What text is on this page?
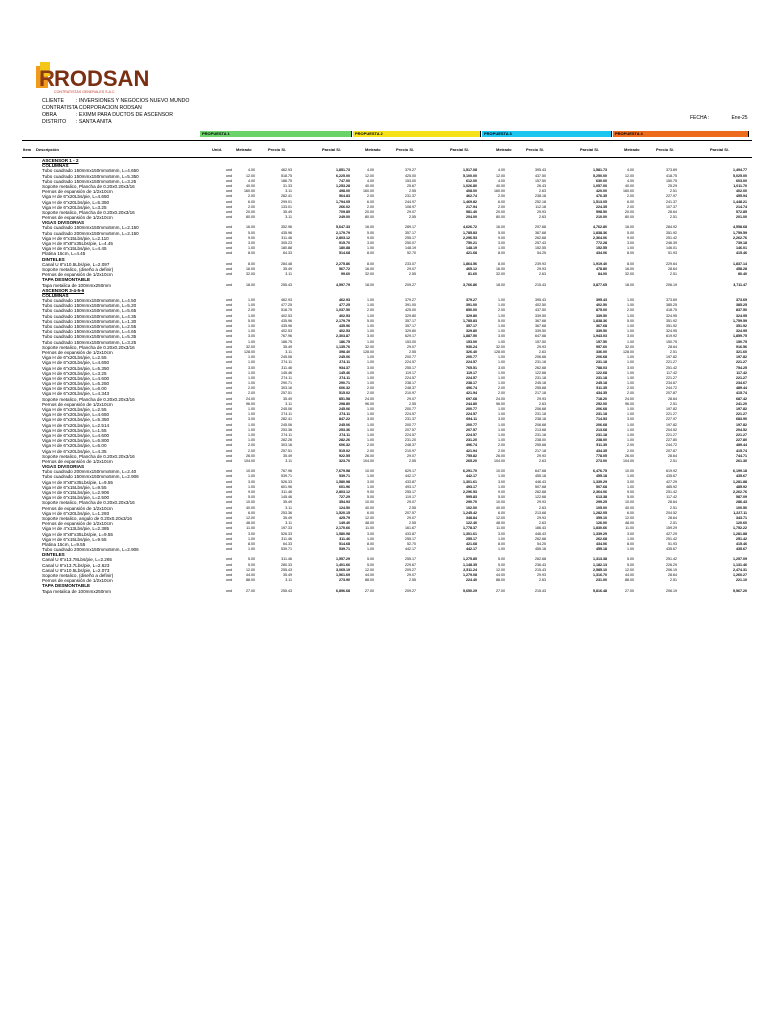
R RODSAN
CONTRATISTAS GENERALES S.A.C
CLIENTE : INVERSIONES Y NEGOCIOS NUEVO MUNDO
CONTRATISTA: CORPORACION RODSAN
OBRA	: EXIMM PARA DUCTOS DE ASCENSOR
DISTRITO : SANTA ANITA
FECHA :	Ene-25
PROPUESTA 1	PROPUESTA 2	PROPUESTA 3	PROPUESTA 4
Item Descripción	Unid.	Metrado	Precio S/.	Parcial S/.	Metrado	Precio S/.	Parcial S/.	Metrado	Precio S/.	Parcial S/.	Metrado	Precio S/.	Parcial S/.
ASCENSOR 1 - 2
COLUMNAS
Tubo cuadrado 150mmx150mmx5mm, L=4.650	und	4.00	462.93	1,851.73	4.00	379.27	1,517.08	4.00	395.43	1,581.73	4.00	373.69	1,494.77
Tubo cuadrado 150mmx150mmx5mm, L=5.350	und	12.00	518.75	6,225.00	12.00	425.00	5,100.00	12.00	437.50	5,250.00	12.00	418.75	5,025.00
Tubo cuadrado 150mmx150mmx5mm, L=3.25	und	4.00	186.75	747.00	4.00	153.00	612.00	4.00	157.50	630.00	4.00	150.75	603.00
Soporte metalico, Plancha de 0.20x0.20x3/16	und	40.00	31.33	1,253.28	40.00	25.67	1,026.80	40.00	26.43	1,057.00	40.00	25.29	1,011.70
Pernos de expansión de 1/2x10cm	und	160.00	3.11	498.00	160.00	2.55	408.00	160.00	2.63	420.00	160.00	2.51	402.00
Viga H de 6"x20Lbs/pie, L=4.650	und	2.00	282.41	564.83	2.00	231.37	462.74	2.00	238.18	476.35	2.00	227.97	455.94
Viga H de 6"x20Lbs/pie, L=5.350	und	6.00	299.01	1,794.05	6.00	244.97	1,469.82	6.00	252.18	1,513.05	6.00	241.37	1,448.21
Viga H de 6"x20Lbs/pie, L=3.25	und	2.00	133.01	266.02	2.00	108.97	217.94	2.00	112.18	224.35	2.00	107.37	214.74
Soporte metalico, Plancha de 0.20x0.20x3/16	und	20.00	35.49	709.85	20.00	29.07	581.40	20.00	29.93	598.50	20.00	28.64	572.85
Pernos de expansión de 1/2x10cm	und	80.00	3.11	249.00	80.00	2.55	204.00	80.00	2.63	210.00	80.00	2.51	201.00
VIGAS DIVISORIAS
Tubo cuadrado 150mmx150mmx5mm, L=2.150	und	16.00	352.96	5,647.33	16.00	289.17	4,626.72	16.00	297.68	4,762.80	16.00	284.92	4,558.68
Tubo cuadrado 200mmx150mmx5mm, L=2.150	und	5.00	435.96	2,179.79	5.00	357.17	1,785.83	5.00	367.68	1,838.36	5.00	351.92	1,759.59
Viga H de 6"x15Lbs/pie, L=2.110	und	9.00	311.46	2,803.12	9.00	255.17	2,296.53	9.00	262.68	2,364.06	9.00	251.42	2,262.76
Viga H de 8"x8"x35Lbs/pie, L=4.45	und	3.00	305.23	915.70	3.00	250.07	750.21	3.00	257.43	772.28	3.00	246.39	739.18
Viga H de 6"x15Lbs/pie, L=4.45	und	1.00	180.88	180.88	1.00	148.19	148.19	1.00	152.55	152.55	1.00	146.01	146.01
Platina 15cm, L=4.45	und	8.00	64.33	514.68	8.00	52.70	421.68	8.00	54.25	434.06	8.00	51.93	415.46
DINTELES
Canal U 6"x10.5Lbs/pie, L=2.097	und	8.00	284.48	2,275.86	8.00	233.07	1,864.56	8.00	239.93	1,919.40	8.00	229.64	1,837.14
Soporte metalico, (diseño a definir)	und	16.00	35.49	567.72	16.00	29.07	465.12	16.00	29.93	478.80	16.00	28.64	458.28
Pernos de expansión de 1/2x10cm	und	32.00	3.11	99.60	32.00	2.55	81.60	32.00	2.63	84.00	32.00	2.51	80.40
TAPA DESMONTABLE
Tapa metalica de 100mmx250mm	und	18.00	255.43	4,597.79	18.00	209.27	3,766.86	18.00	215.43	3,877.65	18.00	206.19	3,711.47
ASCENSOR 3-4-5-6
COLUMNAS
Tubo cuadrado 150mmx150mmx5mm, L=4.50	und	1.00	462.93	462.93	1.00	379.27	379.27	1.00	395.43	395.43	1.00	373.69	373.69
Tubo cuadrado 150mmx150mmx5mm, L=5.20	und	1.00	477.25	477.25	1.00	391.00	391.00	1.00	402.50	402.50	1.00	385.25	385.25
Tubo cuadrado 150mmx150mmx5mm, L=5.65	und	2.00	518.75	1,037.50	2.00	425.00	850.00	2.00	437.50	875.00	2.00	418.75	837.50
Tubo cuadrado 150mmx150mmx5mm, L=4.35	und	1.00	402.53	402.53	1.00	329.80	329.80	1.00	339.50	339.50	1.00	324.95	324.95
Tubo cuadrado 150mmx150mmx5mm, L=1.30	und	5.00	435.96	2,179.79	5.00	357.17	1,785.83	5.00	367.68	1,838.36	5.00	351.92	1,759.59
Tubo cuadrado 150mmx150mmx5mm, L=2.55	und	1.00	435.96	435.96	1.00	357.17	357.17	1.00	367.68	367.68	1.00	351.92	351.92
Tubo cuadrado 150mmx150mmx5mm, L=4.65	und	1.00	402.53	402.53	1.00	329.80	329.80	1.00	339.50	339.50	1.00	324.95	324.95
Tubo cuadrado 150mmx150mmx5mm, L=5.35	und	3.00	767.96	2,303.87	3.00	629.17	1,887.50	3.00	647.68	1,943.03	3.00	619.92	1,859.75
Tubo cuadrado 150mmx150mmx5mm, L=3.25	und	1.00	186.75	186.75	1.00	153.00	153.00	1.00	157.50	157.50	1.00	150.75	150.75
Soporte metalico, Plancha de 0.20x0.20x3/16	und	32.00	35.49	1,135.76	32.00	29.07	930.24	32.00	29.93	957.60	32.00	28.64	916.56
Pernos de expansión de 1/2x10cm	und	128.00	3.11	398.40	128.00	2.55	326.40	128.00	2.63	336.00	128.00	2.51	321.60
Viga H de 6"x20Lbs/pie, L=2.55	und	1.00	245.06	245.06	1.00	200.77	200.77	1.00	206.68	206.68	1.00	197.82	197.82
Viga H de 6"x20Lbs/pie, L=4.650	und	1.00	274.11	274.11	1.00	224.57	224.57	1.00	231.18	231.18	1.00	221.27	221.27
Viga H de 6"x20Lbs/pie, L=5.350	und	3.00	311.46	934.37	3.00	255.17	765.51	3.00	262.68	788.03	3.00	251.42	754.25
Viga H de 6"x20Lbs/pie, L=3.25	und	1.00	145.46	145.46	1.00	119.17	119.17	1.00	122.68	122.68	1.00	117.42	117.42
Viga H de 6"x20Lbs/pie, L=4.600	und	1.00	274.11	274.11	1.00	224.57	224.57	1.00	231.18	231.18	1.00	221.27	221.27
Viga H de 6"x20Lbs/pie, L=5.250	und	1.00	290.71	290.71	1.00	238.17	238.17	1.00	245.18	245.18	1.00	234.67	234.67
Viga H de 6"x20Lbs/pie, L=6.00	und	2.00	303.16	606.32	2.00	248.37	496.74	2.00	255.68	511.35	2.00	244.72	489.44
Viga H de 6"x20Lbs/pie, L=4.343	und	2.00	257.51	515.02	2.00	210.97	421.94	2.00	217.18	434.35	2.00	207.87	415.74
Soporte metalico, Plancha de 0.20x0.20x3/16	und	24.00	35.49	851.58	24.00	29.07	697.68	24.00	29.93	718.20	24.00	28.64	687.42
Pernos de expansión de 1/2x10cm	und	96.00	3.11	298.80	96.00	2.55	244.80	96.00	2.63	252.00	96.00	2.51	241.20
Viga H de 6"x20Lbs/pie, L=2.55	und	1.00	245.06	245.06	1.00	200.77	200.77	1.00	206.68	206.68	1.00	197.82	197.82
Viga H de 6"x20Lbs/pie, L=4.650	und	1.00	274.11	274.11	1.00	224.57	224.57	1.00	231.18	231.18	1.00	221.27	221.27
Viga H de 6"x20Lbs/pie, L=5.350	und	3.00	282.41	847.22	3.00	231.37	694.11	3.00	238.18	714.53	3.00	227.97	683.90
Viga H de 6"x20Lbs/pie, L=2.514	und	1.00	245.06	245.06	1.00	200.77	200.77	1.00	206.68	206.68	1.00	197.82	197.82
Viga H de 6"x20Lbs/pie, L=1.55	und	1.00	253.36	253.36	1.00	207.57	207.57	1.00	213.68	213.68	1.00	204.52	204.52
Viga H de 6"x20Lbs/pie, L=4.600	und	1.00	274.11	274.11	1.00	224.57	224.57	1.00	231.18	231.18	1.00	221.27	221.27
Viga H de 6"x20Lbs/pie, L=5.800	und	1.00	282.26	282.26	1.00	231.20	231.20	1.00	238.00	238.00	1.00	227.80	227.80
Viga H de 6"x20Lbs/pie, L=6.00	und	2.00	303.16	606.32	2.00	248.37	496.74	2.00	255.68	511.35	2.00	244.72	489.44
Viga H de 6"x20Lbs/pie, L=4.35	und	2.00	257.51	515.02	2.00	210.97	421.94	2.00	217.18	434.35	2.00	207.87	415.74
Soporte metalico, Plancha de 0.20x0.20x3/16	und	26.00	35.49	922.55	26.00	29.07	755.82	26.00	29.93	778.05	26.00	28.64	744.71
Pernos de expansión de 1/2x10cm	und	104.00	3.11	323.70	104.00	2.55	265.20	104.00	2.63	273.00	104.00	2.51	261.30
VIGAS DIVISORIAS
Tubo cuadrado 200mmx150mmx5mm, L=2.40	und	10.00	767.96	7,679.58	10.00	629.17	6,291.70	10.00	647.68	6,476.75	10.00	619.92	6,199.18
Tubo cuadrado 150mmx150mmx5mm, L=2.906	und	1.00	539.71	539.71	1.00	442.17	442.17	1.00	455.18	455.18	1.00	435.67	435.67
Viga H de 8"x8"x35Lbs/pie, L=9.55	und	3.00	526.33	1,580.98	3.00	433.87	1,301.61	3.00	446.43	1,339.29	3.00	427.29	1,281.88
Viga H de 6"x15Lbs/pie, L=9.55	und	1.00	601.96	601.96	1.00	493.17	493.17	1.00	507.68	507.68	1.00	485.92	485.92
Viga H de 6"x15Lbs/pie, L=2.906	und	9.00	311.46	2,803.12	9.00	255.17	2,296.53	9.00	262.68	2,364.06	9.00	251.42	2,262.76
Viga H de 6"x15Lbs/pie, L=2.500	und	5.00	145.46	727.29	5.00	119.17	595.83	5.00	122.68	613.38	5.00	117.42	587.09
Soporte metalico, Plancha de 0.20x0.20x3/16	und	10.00	35.49	354.93	10.00	29.07	290.70	10.00	29.93	299.25	10.00	28.64	286.43
Pernos de expansión de 1/2x10cm	und	40.00	3.11	124.50	40.00	2.55	102.00	40.00	2.63	105.00	40.00	2.51	100.50
Viga H de 6"x20Lbs/pie, L=1.293	und	6.00	253.36	1,520.15	6.00	207.57	1,245.42	6.00	213.68	1,282.05	6.00	204.52	1,227.11
Soporte metalico, angulo de 0.20x0.20x3/16	und	12.00	35.49	425.79	12.00	29.07	348.84	12.00	29.93	359.10	12.00	28.64	343.71
Pernos de expansión de 1/2x10cm	und	48.00	3.11	149.40	48.00	2.55	122.40	48.00	2.63	126.00	48.00	2.51	120.60
Viga H de 4"x13Lbs/pie, L=2.385	und	11.00	197.33	2,170.66	11.00	161.67	1,778.37	11.00	166.43	1,830.66	11.00	159.29	1,752.22
Viga H de 8"x8"x35Lbs/pie, L=9.55	und	3.00	526.33	1,580.98	3.00	433.87	1,301.61	3.00	446.43	1,339.29	3.00	427.29	1,281.88
Viga H de 6"x15Lbs/pie, L=9.55	und	1.00	311.46	311.46	1.00	255.17	255.17	1.00	262.68	262.68	1.00	251.42	251.42
Platina 15cm, L=9.55	und	8.00	64.33	514.68	8.00	52.70	421.68	8.00	54.25	434.06	8.00	51.93	415.46
Tubo cuadrado 200mmx150mmx5mm, L=2.906	und	1.00	539.71	539.71	1.00	442.17	442.17	1.00	455.18	455.18	1.00	435.67	435.67
DINTELES
Canal U 6"x13.78Lbs/pie, L=2.265	und	5.00	311.46	1,557.29	5.00	255.17	1,275.85	5.00	262.68	1,313.38	5.00	251.42	1,257.09
Canal U 6"x13.7Lbs/pie, L=2.623	und	5.00	280.33	1,401.66	5.00	229.67	1,148.35	5.00	236.43	1,182.13	5.00	226.29	1,131.46
Canal U 6"x10.5Lbs/pie, L=2.073	und	12.00	255.43	3,065.19	12.00	209.27	2,511.24	12.00	215.43	2,585.10	12.00	206.19	2,474.31
Soporte metalico, (diseño a definir)	und	44.00	35.49	1,561.69	44.00	29.07	1,279.08	44.00	29.93	1,316.70	44.00	28.64	1,260.27
Pernos de expansión de 1/2x10cm	und	88.00	3.11	273.90	88.00	2.55	224.40	88.00	2.63	231.00	88.00	2.51	221.10
TAPA DESMONTABLE
Tapa metalica de 100mmx250mm	und	27.00	255.43	6,896.68	27.00	209.27	5,650.29	27.00	215.43	5,816.48	27.00	206.19	5,567.20
